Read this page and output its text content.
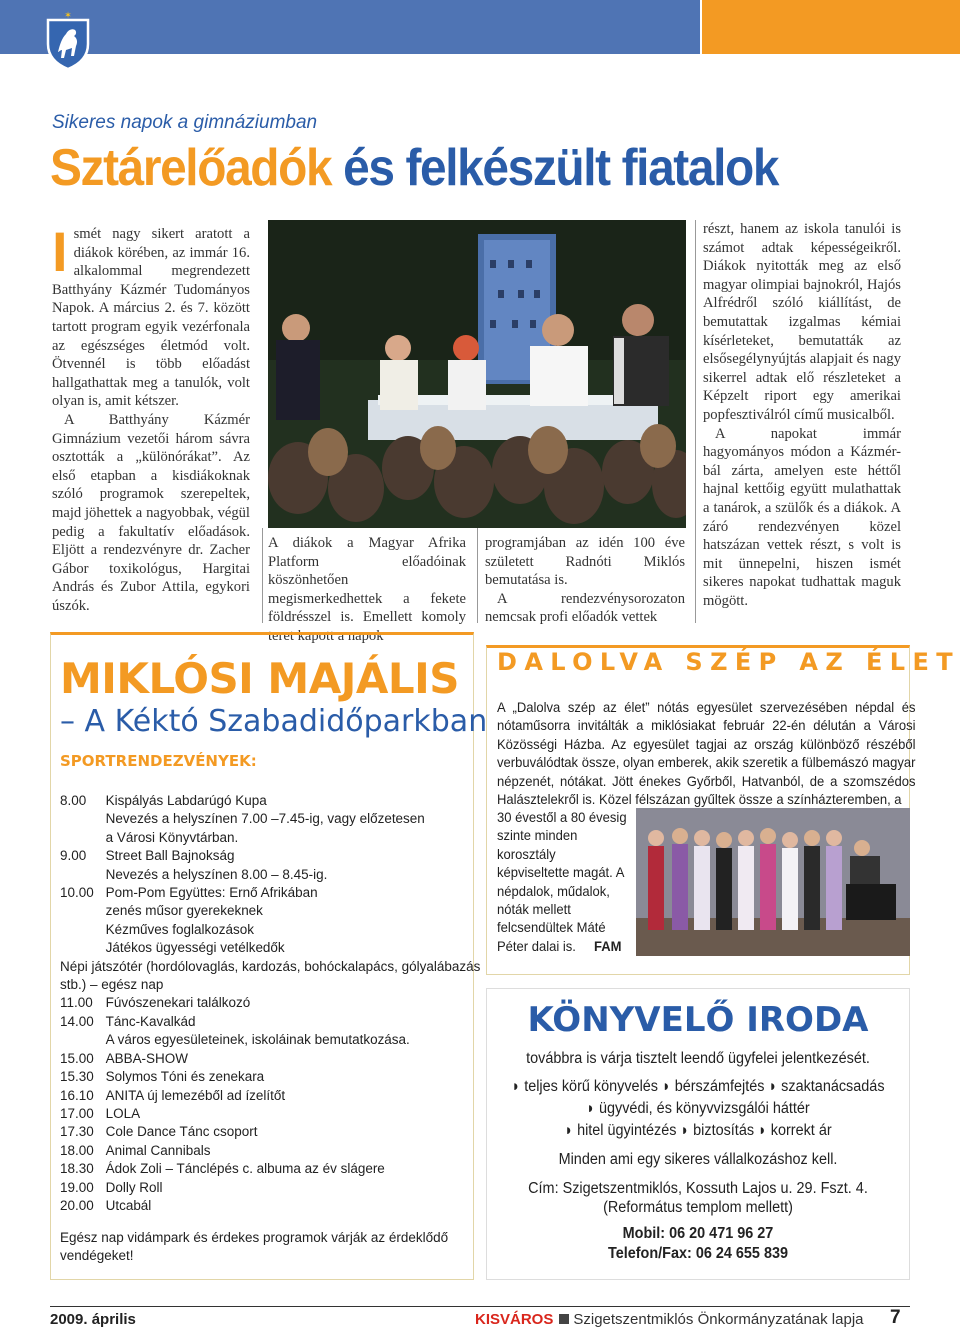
✶
Sikeres napok a gimnáziumban
Sztárelőadók és felkészült fiatalok

Ismét nagy sikert aratott a diákok körében, az immár 16. alkalommal megrendezett Batthyány Kázmér Tudományos Napok. A március 2. és 7. között tartott program egyik vezérfonala az egészséges életmód volt. Ötvennél is több előadást hallgathattak meg a tanulók, volt olyan is, amit kétszer.

A Batthyány Kázmér Gimnázium vezetői három sávra osztották a „különórákat”. Az első etapban a kisdiákoknak szóló programok szerepeltek, majd jöhettek a nagyobbak, végül pedig a fakultatív előadások. Eljött a rendezvényre dr. Zacher Gábor toxikológus, Hargitai András és Zubor Attila, egykori úszók.

A diákok a Magyar Afrika Platform előadóinak köszönhetően megismerkedhettek a fekete földrésszel is. Emellett komoly teret kapott a napok

programjában az idén 100 éve született Radnóti Miklós bemutatása is.

A rendezvénysorozaton nemcsak profi előadók vettek

részt, hanem az iskola tanulói is számot adtak képességeikről. Diákok nyitották meg az első magyar olimpiai bajnokról, Hajós Alfrédről szóló kiállítást, de bemutattak izgalmas kémiai kísérleteket, bemutatták az elsősegélynyújtás alapjait és nagy sikerrel adtak elő részleteket a Képzelt riport egy amerikai popfesztiválról című musicalből.

A napokat immár hagyományos módon a Kázmér-bál zárta, amelyen este héttől hajnal kettőig együtt mulathattak a tanárok, a szülők és a diákok. A záró rendezvényen közel hatszázan vettek részt, s volt is mit ünnepelni, hiszen ismét sikeres napokat tudhattak maguk mögött.

MIKLÓSI MAJÁLIS
– A Kéktó Szabadidőparkban
SPORTRENDEZVÉNYEK:
8.00 Kispályás Labdarúgó Kupa
Nevezés a helyszínen 7.00 –7.45-ig, vagy előzetesen
a Városi Könyvtárban.
9.00 Street Ball Bajnokság
Nevezés a helyszínen 8.00 – 8.45-ig.
10.00 Pom-Pom Együttes: Ernő Afrikában
zenés műsor gyerekeknek
Kézműves foglalkozások
Játékos ügyességi vetélkedők
Népi játszótér (hordólovaglás, kardozás, bohóckalapács, gólyalábazás
stb.) – egész nap
11.00 Fúvószenekari találkozó
14.00 Tánc-Kavalkád
A város egyesületeinek, iskoláinak bemutatkozása.
15.00 ABBA-SHOW
15.30 Solymos Tóni és zenekara
16.10 ANITA új lemezéből ad ízelítőt
17.00 LOLA
17.30 Cole Dance Tánc csoport
18.00 Animal Cannibals
18.30 Ádok Zoli – Tánclépés c. albuma az év slágere
19.00 Dolly Roll
20.00 Utcabál
Egész nap vidámpark és érdekes programok várják az érdeklődő
vendégeket!
DALOLVA SZÉP AZ ÉLET
A „Dalolva szép az élet” nótás egyesület szervezésében népdal és nótaműsorra invitálták a miklósiakat február 22-én délután a Városi Közösségi Házba. Az egyesület tagjai az ország különböző részéből verbuválódtak össze, olyan emberek, akik szeretik a fülbemászó magyar népzenét, nótákat. Jött énekes Győrből, Hatvanból, de a szomszédos Halásztelekről is. Közel félszázan gyűltek össze a színházteremben, a
30 évestől a 80 évesig szinte minden korosztály képviseltette magát. A népdalok, műdalok, nóták mellett felcsendültek Máté Péter dalai is.	FAM
KÖNYVELŐ IRODA
továbbra is várja tisztelt leendő ügyfelei jelentkezését.
◗ teljes körű könyvelés ◗ bérszámfejtés ◗ szaktanácsadás
◗ ügyvédi, és könyvvizsgálói háttér
◗ hitel ügyintézés ◗ biztosítás ◗ korrekt ár
Minden ami egy sikeres vállalkozáshoz kell.
Cím: Szigetszentmiklós, Kossuth Lajos u. 29. Fszt. 4.
(Református templom mellett)
Mobil: 06 20 471 96 27
Telefon/Fax: 06 24 655 839
2009. április	KISVÁROS Szigetszentmiklós Önkormányzatának lapja 7
